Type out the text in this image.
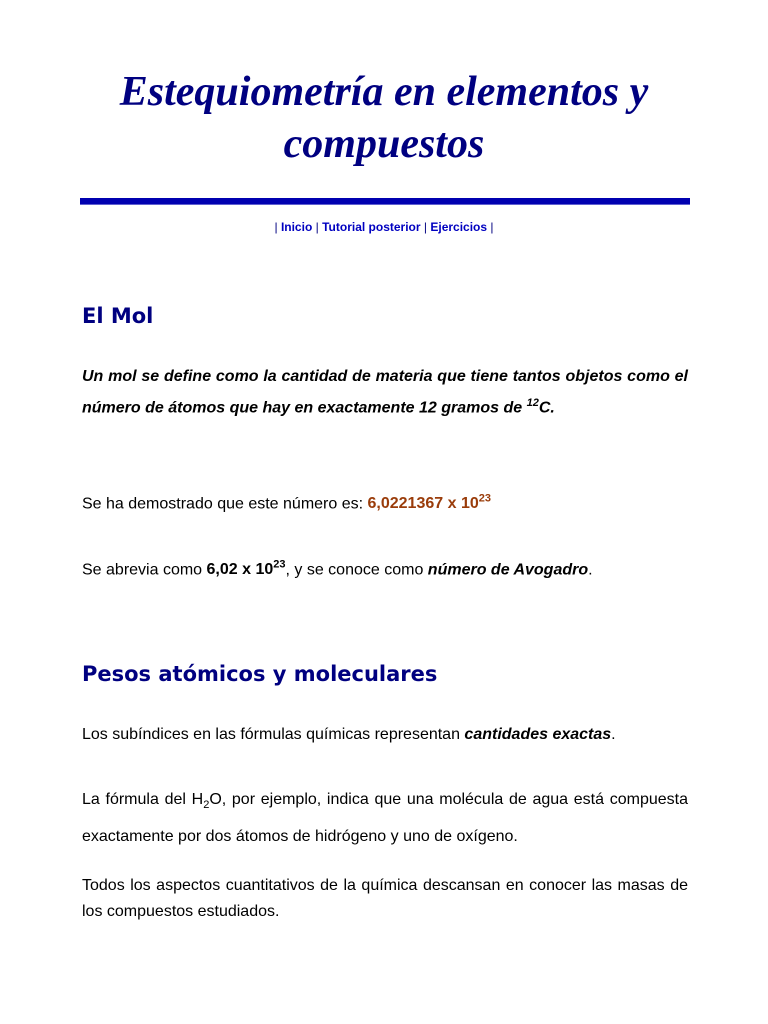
Estequiometría en elementos y compuestos
| Inicio | Tutorial posterior | Ejercicios |
El Mol

Un mol se define como la cantidad de materia que tiene tantos objetos como el número de átomos que hay en exactamente 12 gramos de $^{12}$C.

Se ha demostrado que este número es: 6,0221367 x $10^{23}$

Se abrevia como 6,02 x $10^{23}$, y se conoce como número de Avogadro.

Pesos atómicos y moleculares

Los subíndices en las fórmulas químicas representan cantidades exactas.

La fórmula del $H_2O$, por ejemplo, indica que una molécula de agua está compuesta exactamente por dos átomos de hidrógeno y uno de oxígeno.

Todos los aspectos cuantitativos de la química descansan en conocer las masas de los compuestos estudiados.
